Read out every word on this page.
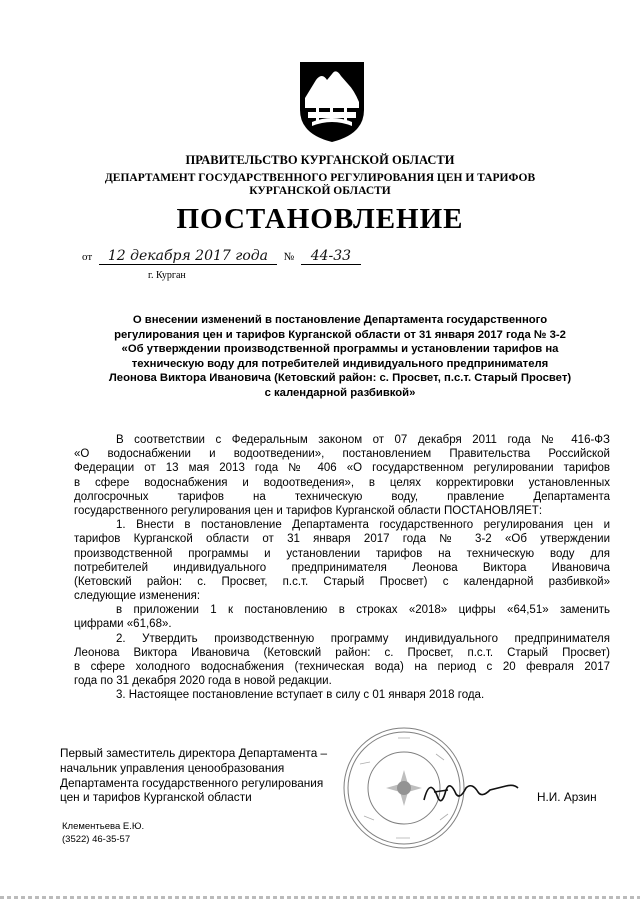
ПРАВИТЕЛЬСТВО КУРГАНСКОЙ ОБЛАСТИ
ДЕПАРТАМЕНТ ГОСУДАРСТВЕННОГО РЕГУЛИРОВАНИЯ ЦЕН И ТАРИФОВ
КУРГАНСКОЙ ОБЛАСТИ
ПОСТАНОВЛЕНИЕ
от 12 декабря 2017 года № 44-33
г. Курган
О внесении изменений в постановление Департамента государственного
регулирования цен и тарифов Курганской области от 31 января 2017 года № 3-2
«Об утверждении производственной программы и установлении тарифов на
техническую воду для потребителей индивидуального предпринимателя
Леонова Виктора Ивановича (Кетовский район: с. Просвет, п.с.т. Старый Просвет)
с календарной разбивкой»
В соответствии с Федеральным законом от 07 декабря 2011 года № 416-ФЗ
«О водоснабжении и водоотведении», постановлением Правительства Российской
Федерации от 13 мая 2013 года № 406 «О государственном регулировании тарифов
в сфере водоснабжения и водоотведения», в целях корректировки установленных
долгосрочных тарифов на техническую воду, правление Департамента
государственного регулирования цен и тарифов Курганской области ПОСТАНОВЛЯЕТ:
1. Внести в постановление Департамента государственного регулирования цен и
тарифов Курганской области от 31 января 2017 года № 3-2 «Об утверждении
производственной программы и установлении тарифов на техническую воду для
потребителей индивидуального предпринимателя Леонова Виктора Ивановича
(Кетовский район: с. Просвет, п.с.т. Старый Просвет) с календарной разбивкой»
следующие изменения:
в приложении 1 к постановлению в строках «2018» цифры «64,51» заменить
цифрами «61,68».
2. Утвердить производственную программу индивидуального предпринимателя
Леонова Виктора Ивановича (Кетовский район: с. Просвет, п.с.т. Старый Просвет)
в сфере холодного водоснабжения (техническая вода) на период с 20 февраля 2017
года по 31 декабря 2020 года в новой редакции.
3. Настоящее постановление вступает в силу с 01 января 2018 года.
Первый заместитель директора Департамента –
начальник управления ценообразования
Департамента государственного регулирования
цен и тарифов Курганской области	Н.И. Арзин
Клементьева Е.Ю.
(3522) 46-35-57
